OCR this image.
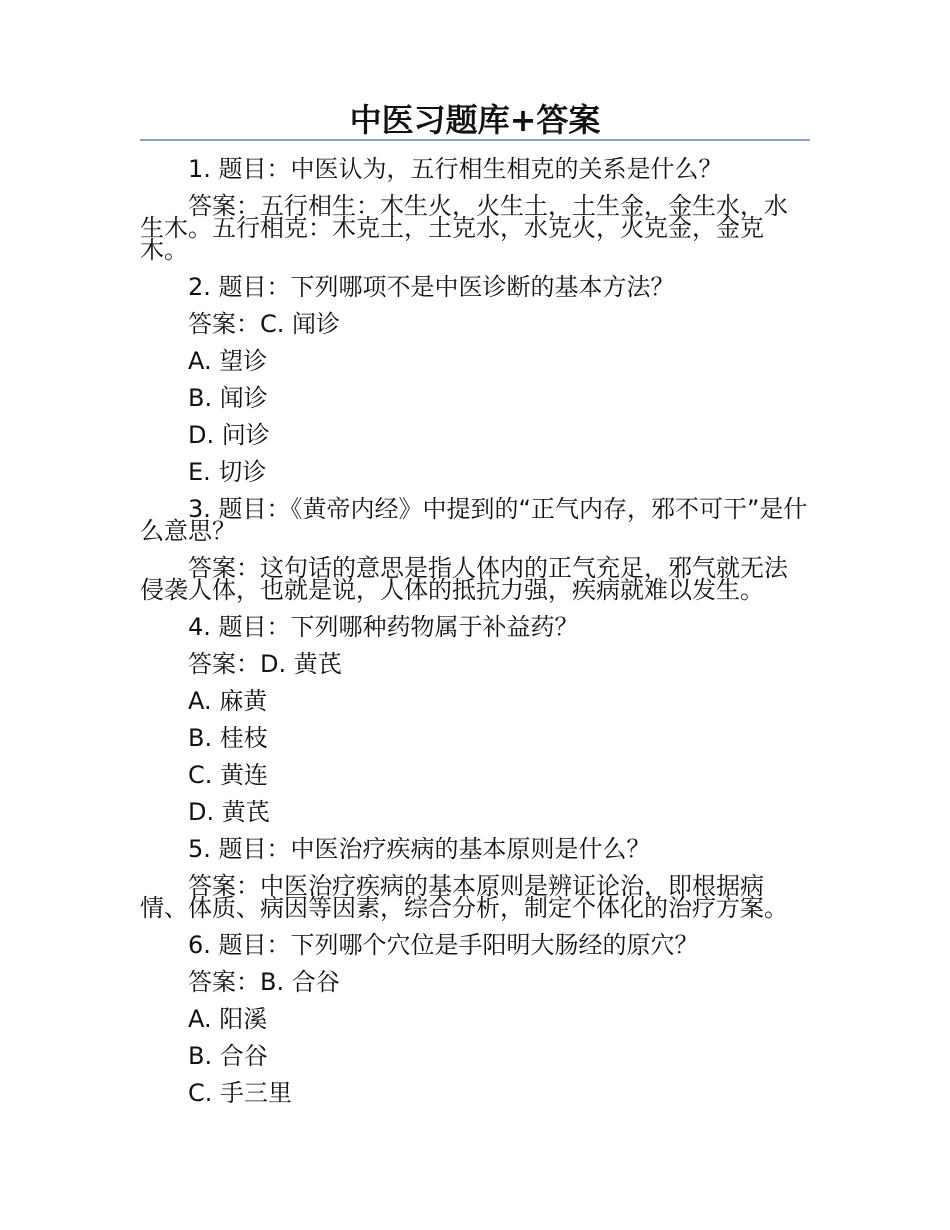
中医习题库+答案

1. 题目：中医认为，五行相生相克的关系是什么？

答案：五行相生：木生火，火生土，土生金，金生水，水生木。五行相克：木克土，土克水，水克火，火克金，金克木。

2. 题目：下列哪项不是中医诊断的基本方法？

答案：C. 闻诊

A. 望诊

B. 闻诊

D. 问诊

E. 切诊

3. 题目：《黄帝内经》中提到的“正气内存，邪不可干”是什么意思？

答案：这句话的意思是指人体内的正气充足，邪气就无法侵袭人体，也就是说，人体的抵抗力强，疾病就难以发生。

4. 题目：下列哪种药物属于补益药？

答案：D. 黄芪

A. 麻黄

B. 桂枝

C. 黄连

D. 黄芪

5. 题目：中医治疗疾病的基本原则是什么？

答案：中医治疗疾病的基本原则是辨证论治，即根据病情、体质、病因等因素，综合分析，制定个体化的治疗方案。

6. 题目：下列哪个穴位是手阳明大肠经的原穴？

答案：B. 合谷

A. 阳溪

B. 合谷

C. 手三里
